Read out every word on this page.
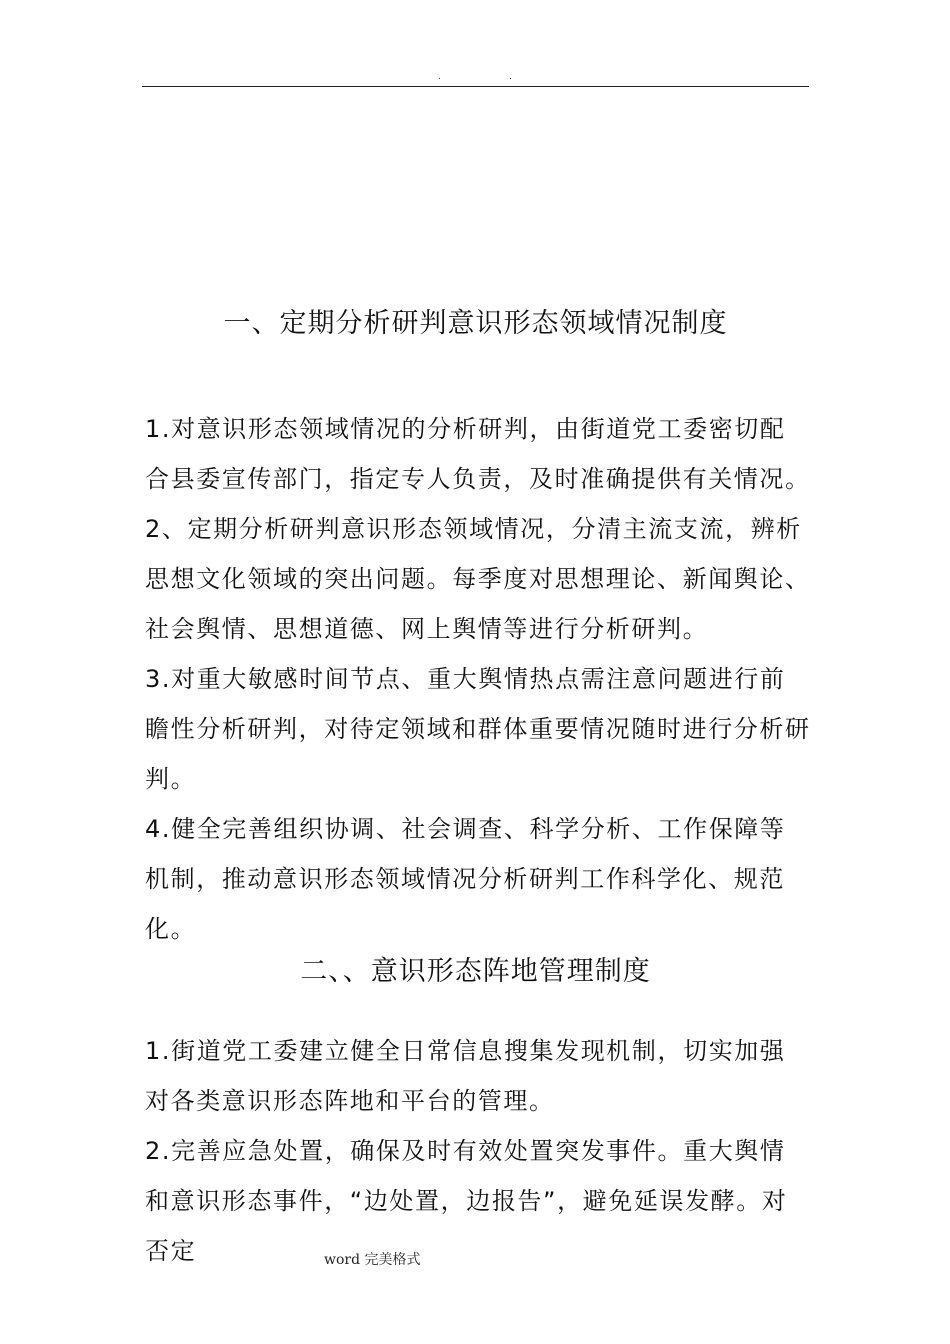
.	.
一、定期分析研判意识形态领域情况制度

1.对意识形态领域情况的分析研判，由街道党工委密切配合县委宣传部门，指定专人负责，及时准确提供有关情况。

2、定期分析研判意识形态领域情况，分清主流支流，辨析思想文化领域的突出问题。每季度对思想理论、新闻舆论、社会舆情、思想道德、网上舆情等进行分析研判。

3.对重大敏感时间节点、重大舆情热点需注意问题进行前瞻性分析研判，对待定领域和群体重要情况随时进行分析研判。

4.健全完善组织协调、社会调查、科学分析、工作保障等机制，推动意识形态领域情况分析研判工作科学化、规范化。

二、、意识形态阵地管理制度

1.街道党工委建立健全日常信息搜集发现机制，切实加强对各类意识形态阵地和平台的管理。

2.完善应急处置，确保及时有效处置突发事件。重大舆情和意识形态事件，“边处置，边报告”，避免延误发酵。对否定	word 完美格式
